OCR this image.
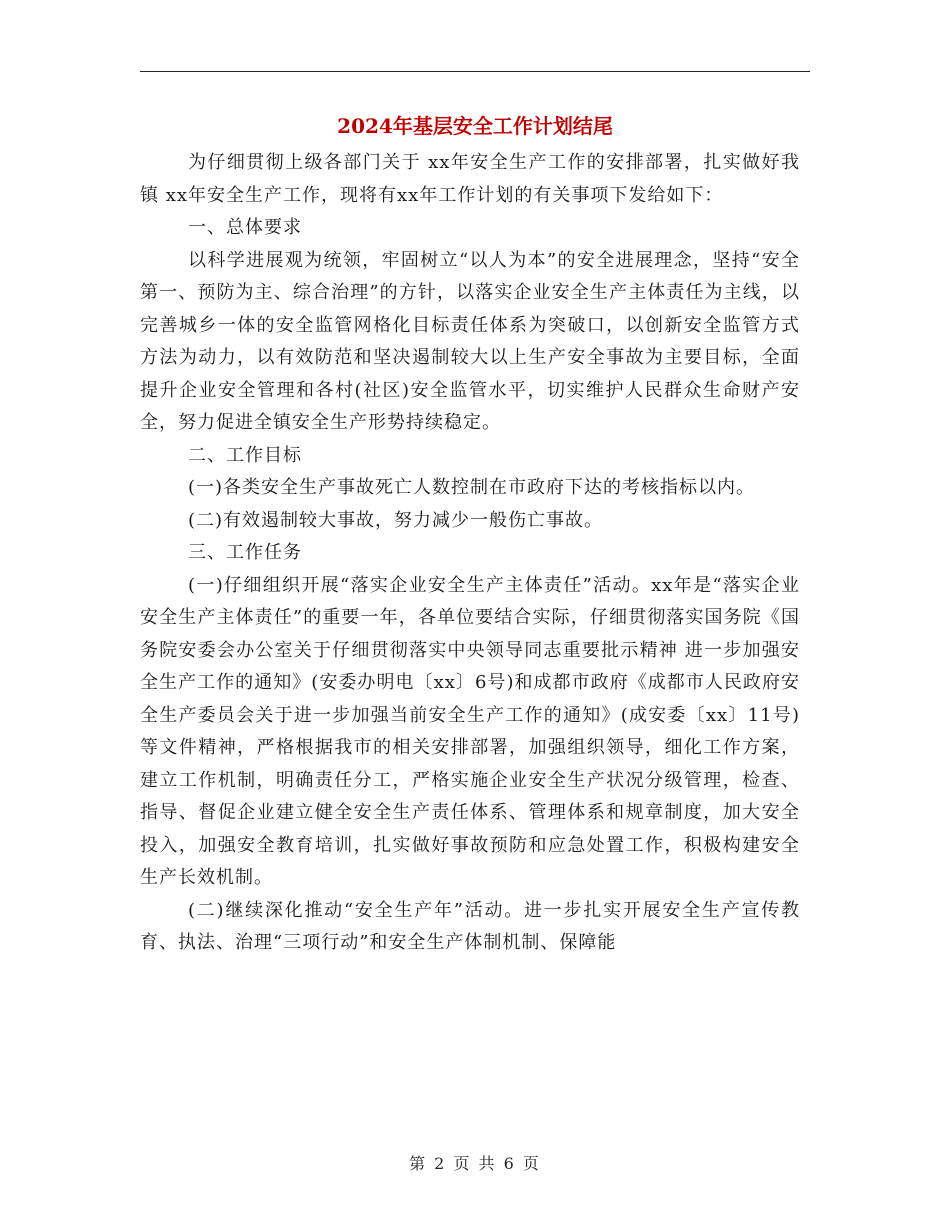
2024年基层安全工作计划结尾

为仔细贯彻上级各部门关于 xx年安全生产工作的安排部署，扎实做好我镇 xx年安全生产工作，现将有xx年工作计划的有关事项下发给如下：

一、总体要求

以科学进展观为统领，牢固树立“以人为本”的安全进展理念，坚持“安全第一、预防为主、综合治理”的方针，以落实企业安全生产主体责任为主线，以完善城乡一体的安全监管网格化目标责任体系为突破口，以创新安全监管方式方法为动力，以有效防范和坚决遏制较大以上生产安全事故为主要目标，全面提升企业安全管理和各村(社区)安全监管水平，切实维护人民群众生命财产安全，努力促进全镇安全生产形势持续稳定。

二、工作目标

(一)各类安全生产事故死亡人数控制在市政府下达的考核指标以内。

(二)有效遏制较大事故，努力减少一般伤亡事故。

三、工作任务

(一)仔细组织开展“落实企业安全生产主体责任”活动。xx年是“落实企业安全生产主体责任”的重要一年，各单位要结合实际，仔细贯彻落实国务院《国务院安委会办公室关于仔细贯彻落实中央领导同志重要批示精神 进一步加强安全生产工作的通知》(安委办明电〔xx〕6号)和成都市政府《成都市人民政府安全生产委员会关于进一步加强当前安全生产工作的通知》(成安委〔xx〕11号)等文件精神，严格根据我市的相关安排部署，加强组织领导，细化工作方案，建立工作机制，明确责任分工，严格实施企业安全生产状况分级管理，检查、指导、督促企业建立健全安全生产责任体系、管理体系和规章制度，加大安全投入，加强安全教育培训，扎实做好事故预防和应急处置工作，积极构建安全生产长效机制。

(二)继续深化推动“安全生产年”活动。进一步扎实开展安全生产宣传教育、执法、治理“三项行动”和安全生产体制机制、保障能

第 2 页 共 6 页
